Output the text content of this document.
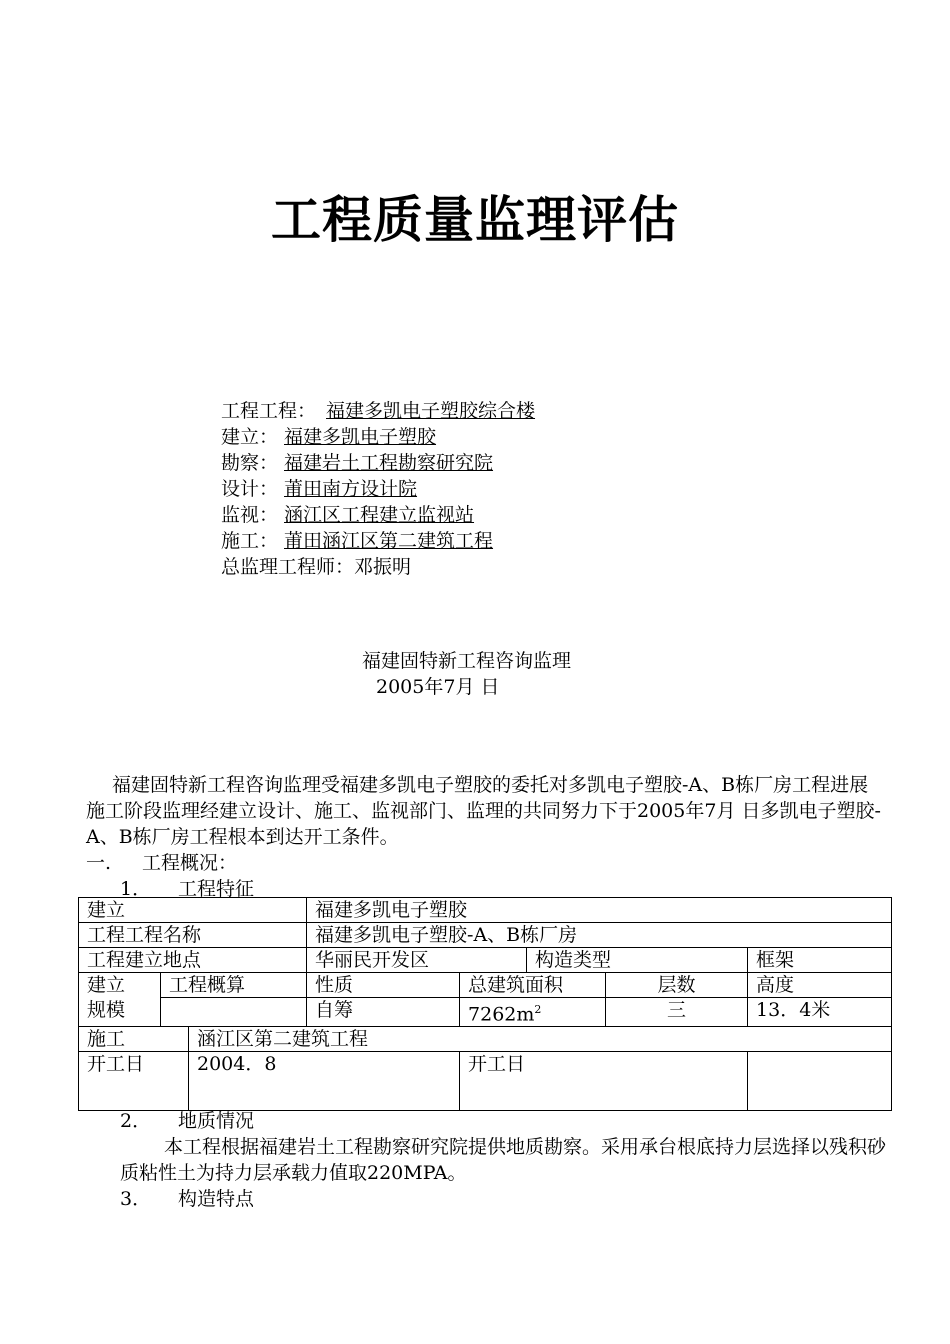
工程质量监理评估
工程工程： 福建多凯电子塑胶综合楼
建立： 福建多凯电子塑胶
勘察： 福建岩土工程勘察研究院
设计： 莆田南方设计院
监视： 涵江区工程建立监视站
施工： 莆田涵江区第二建筑工程
总监理工程师：邓振明
福建固特新工程咨询监理
2005年7月 日
福建固特新工程咨询监理受福建多凯电子塑胶的委托对多凯电子塑胶-A、B栋厂房工程进展施工阶段监理经建立设计、施工、监视部门、监理的共同努力下于2005年7月 日多凯电子塑胶-A、B栋厂房工程根本到达开工条件。
一. 工程概况：
1． 工程特征
建立			福建多凯电子塑胶				
工程工程名称			福建多凯电子塑胶-A、B栋厂房				
工程建立地点			华丽民开发区		构造类型		框架

建立
规模	工程概算		性质	总建筑面积		层数	高度
			自筹	$7262m^2$		三	13．4米
施工		涵江区第二建筑工程					
开工日		2004．8		开工日			
2． 地质情况
本工程根据福建岩土工程勘察研究院提供地质勘察。采用承台根底持力层选择以残积砂质粘性土为持力层承载力值取220MPA。
3． 构造特点
